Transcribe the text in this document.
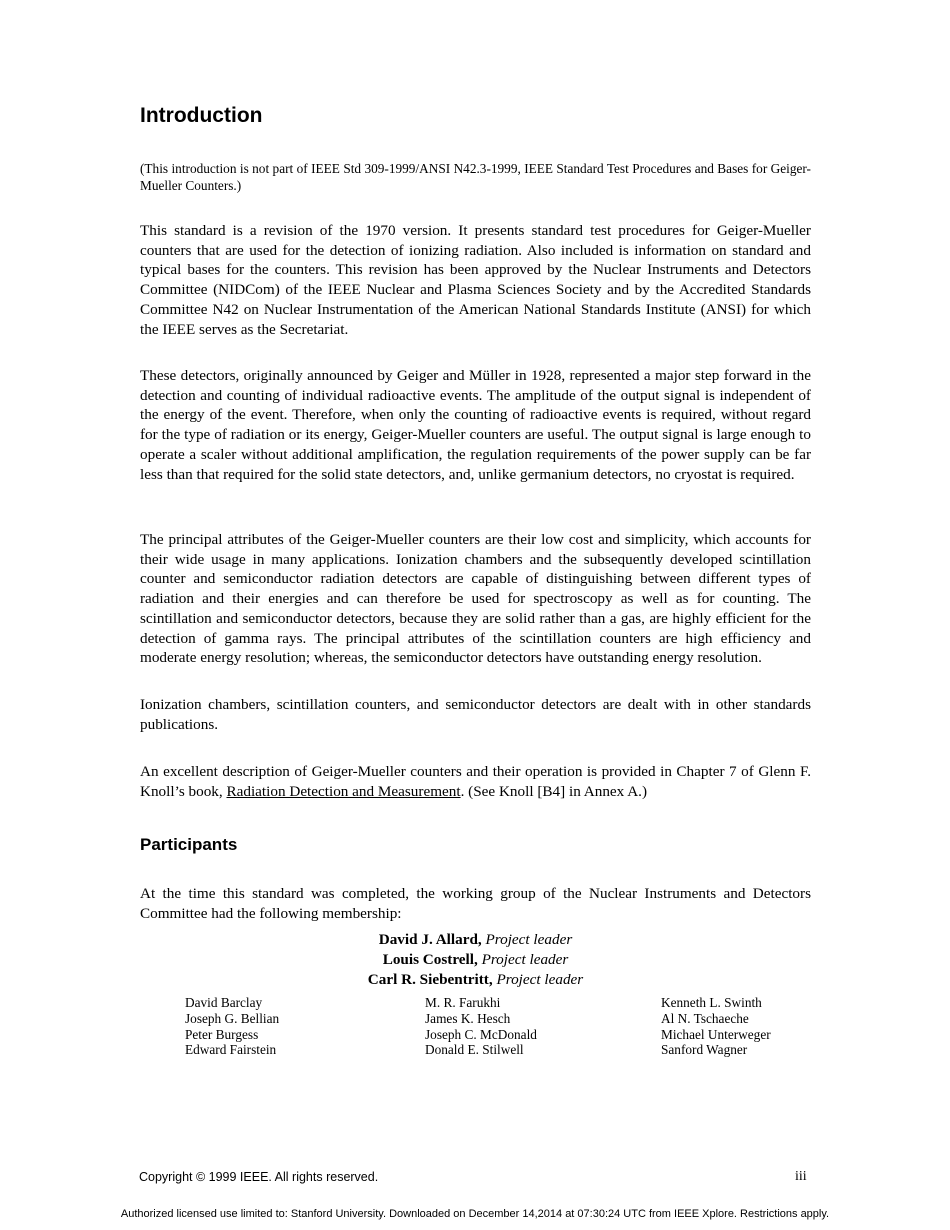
Introduction

(This introduction is not part of IEEE Std 309-1999/ANSI N42.3-1999, IEEE Standard Test Procedures and Bases for Geiger-Mueller Counters.)

This standard is a revision of the 1970 version. It presents standard test procedures for Geiger-Mueller counters that are used for the detection of ionizing radiation. Also included is information on standard and typical bases for the counters. This revision has been approved by the Nuclear Instruments and Detectors Committee (NIDCom) of the IEEE Nuclear and Plasma Sciences Society and by the Accredited Standards Committee N42 on Nuclear Instrumentation of the American National Standards Institute (ANSI) for which the IEEE serves as the Secretariat.

These detectors, originally announced by Geiger and Müller in 1928, represented a major step forward in the detection and counting of individual radioactive events. The amplitude of the output signal is independent of the energy of the event. Therefore, when only the counting of radioactive events is required, without regard for the type of radiation or its energy, Geiger-Mueller counters are useful. The output signal is large enough to operate a scaler without additional amplification, the regulation requirements of the power supply can be far less than that required for the solid state detectors, and, unlike germanium detectors, no cryostat is required.

The principal attributes of the Geiger-Mueller counters are their low cost and simplicity, which accounts for their wide usage in many applications. Ionization chambers and the subsequently developed scintillation counter and semiconductor radiation detectors are capable of distinguishing between different types of radiation and their energies and can therefore be used for spectroscopy as well as for counting. The scintillation and semiconductor detectors, because they are solid rather than a gas, are highly efficient for the detection of gamma rays. The principal attributes of the scintillation counters are high efficiency and moderate energy resolution; whereas, the semiconductor detectors have outstanding energy resolution.

Ionization chambers, scintillation counters, and semiconductor detectors are dealt with in other standards publications.

An excellent description of Geiger-Mueller counters and their operation is provided in Chapter 7 of Glenn F. Knoll’s book, Radiation Detection and Measurement. (See Knoll [B4] in Annex A.)

Participants

At the time this standard was completed, the working group of the Nuclear Instruments and Detectors Committee had the following membership:

David J. Allard, Project leader
Louis Costrell, Project leader
Carl R. Siebentritt, Project leader
David Barclay
Joseph G. Bellian
Peter Burgess
Edward Fairstein
M. R. Farukhi
James K. Hesch
Joseph C. McDonald
Donald E. Stilwell
Kenneth L. Swinth
Al N. Tschaeche
Michael Unterweger
Sanford Wagner
Copyright © 1999 IEEE. All rights reserved.	iii
Authorized licensed use limited to: Stanford University. Downloaded on December 14,2014 at 07:30:24 UTC from IEEE Xplore. Restrictions apply.
